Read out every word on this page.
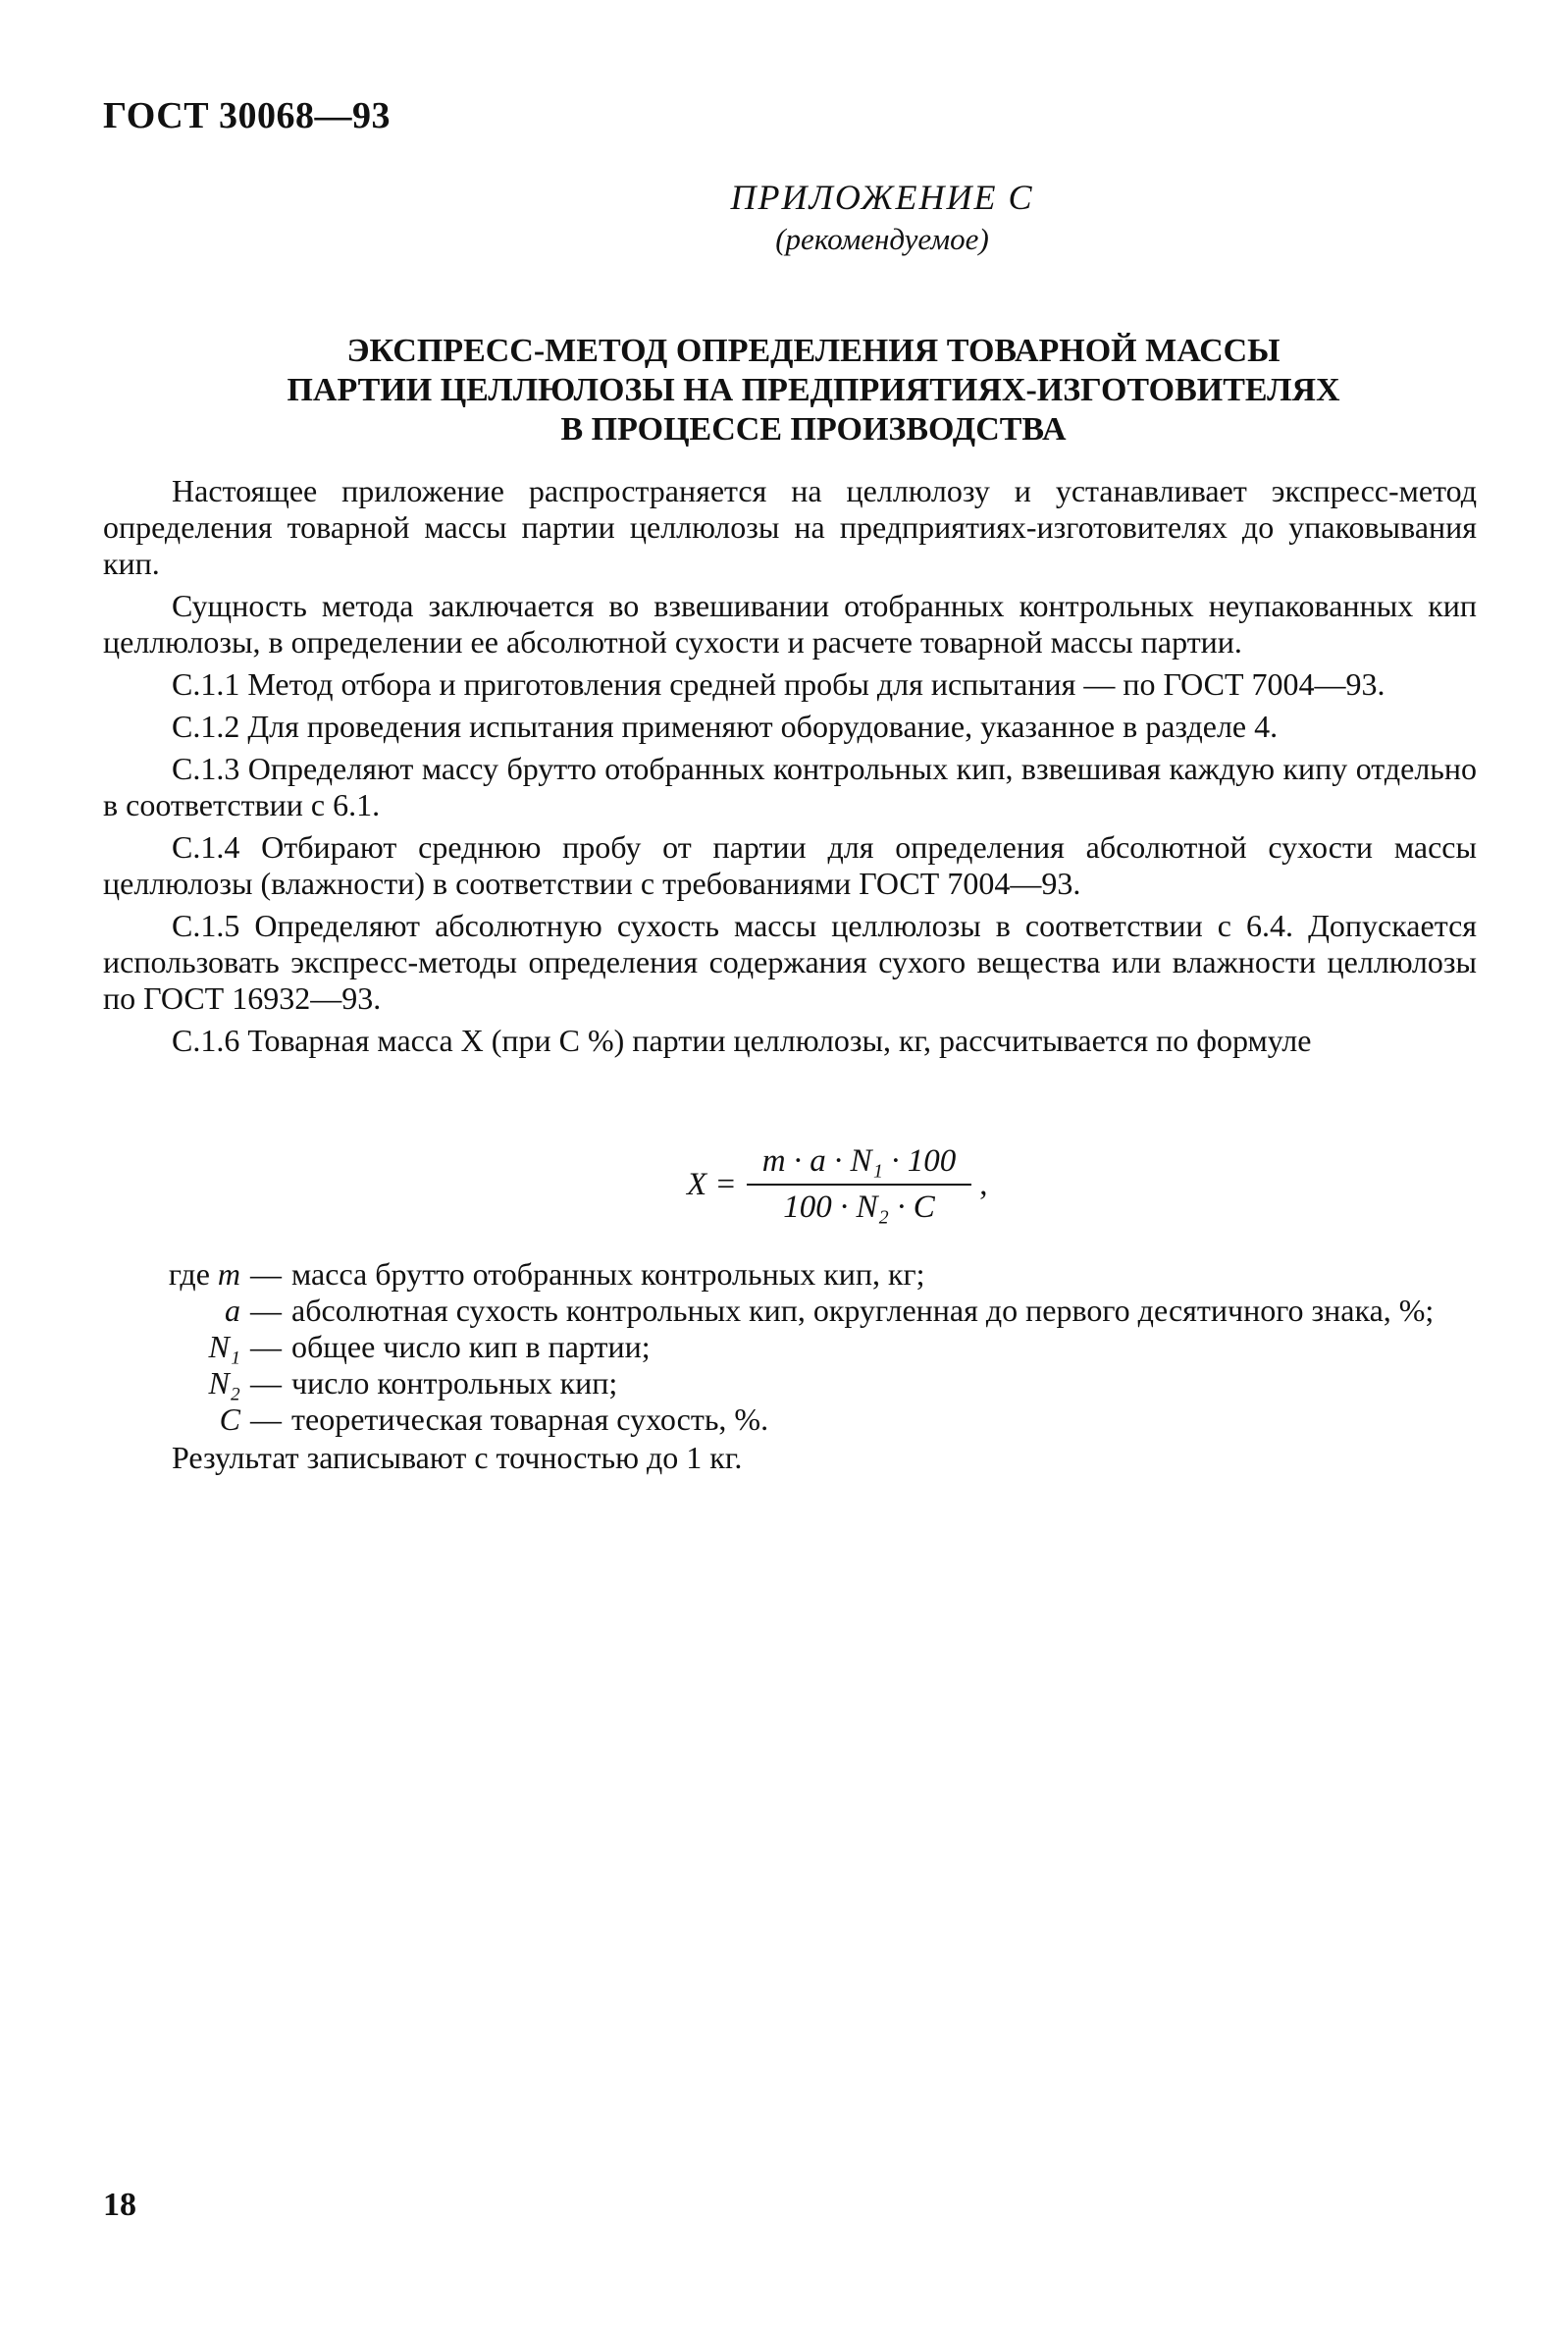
ГОСТ 30068—93
ПРИЛОЖЕНИЕ С
(рекомендуемое)
ЭКСПРЕСС-МЕТОД ОПРЕДЕЛЕНИЯ ТОВАРНОЙ МАССЫ
ПАРТИИ ЦЕЛЛЮЛОЗЫ НА ПРЕДПРИЯТИЯХ-ИЗГОТОВИТЕЛЯХ
В ПРОЦЕССЕ ПРОИЗВОДСТВА

Настоящее приложение распространяется на целлюлозу и устанавливает экспресс-метод определения товарной массы партии целлюлозы на предприятиях-изготовителях до упаковывания кип.

Сущность метода заключается во взвешивании отобранных контрольных неупакованных кип целлюлозы, в определении ее абсолютной сухости и расчете товарной массы партии.

С.1.1 Метод отбора и приготовления средней пробы для испытания — по ГОСТ 7004—93.

С.1.2 Для проведения испытания применяют оборудование, указанное в разделе 4.

С.1.3 Определяют массу брутто отобранных контрольных кип, взвешивая каждую кипу отдельно в соответствии с 6.1.

С.1.4 Отбирают среднюю пробу от партии для определения абсолютной сухости массы целлюлозы (влажности) в соответствии с требованиями ГОСТ 7004—93.

С.1.5 Определяют абсолютную сухость массы целлюлозы в соответствии с 6.4. Допускается использовать экспресс-методы определения содержания сухого вещества или влажности целлюлозы по ГОСТ 16932—93.

С.1.6 Товарная масса X (при C %) партии целлюлозы, кг, рассчитывается по формуле

$X = \frac{\text{m · a · N₁ · 100}}{\text{100 · N₂ · C}}$ ,
где m — масса брутто отобранных контрольных кип, кг;
a — абсолютная сухость контрольных кип, округленная до первого десятичного знака, %;
N₁ — общее число кип в партии;
N₂ — число контрольных кип;
C — теоретическая товарная сухость, %.
Результат записывают с точностью до 1 кг.
18
